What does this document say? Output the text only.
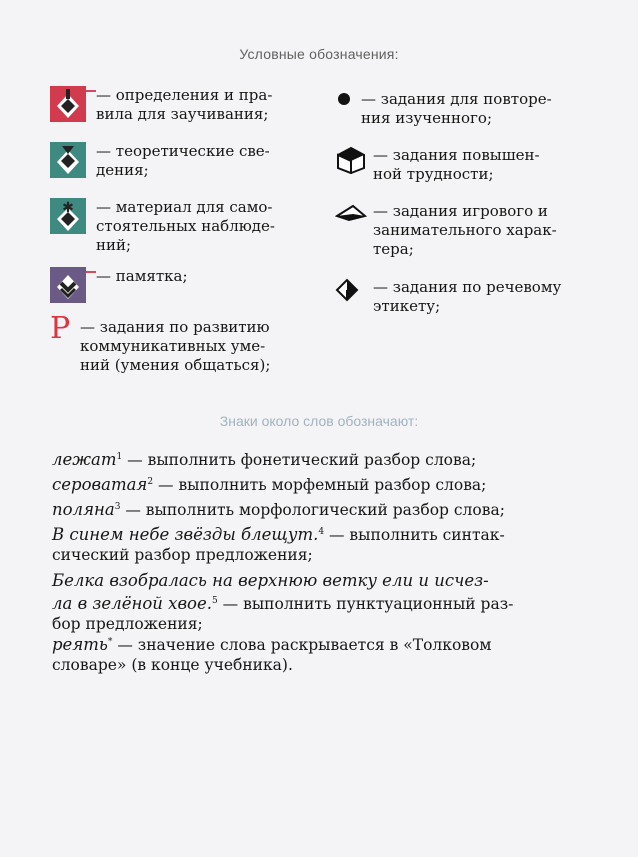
Условные обозначения:
— определения и пра-
вила для заучивания;
— теоретические све-
дения;
✱ — материал для само-
стоятельных наблюде-
ний;
— памятка;
Р — задания по развитию
коммуникативных уме-
ний (умения общаться);
— задания для повторе-
ния изученного;
— задания повышен-
ной трудности;
— задания игрового и
занимательного харак-
тера;
— задания по речевому
этикету;
Знаки около слов обозначают:
лежат$^1$ — выполнить фонетический разбор слова;
сероватая$^2$ — выполнить морфемный разбор слова;
поляна$^3$ — выполнить морфологический разбор слова;
В синем небе звёзды блещут.$^4$ — выполнить синтак-
сический разбор предложения;
Белка взобралась на верхнюю ветку ели и исчез-
ла в зелёной хвое.$^5$ — выполнить пунктуационный раз-
бор предложения;
реять* — значение слова раскрывается в «Толковом
словаре» (в конце учебника).
